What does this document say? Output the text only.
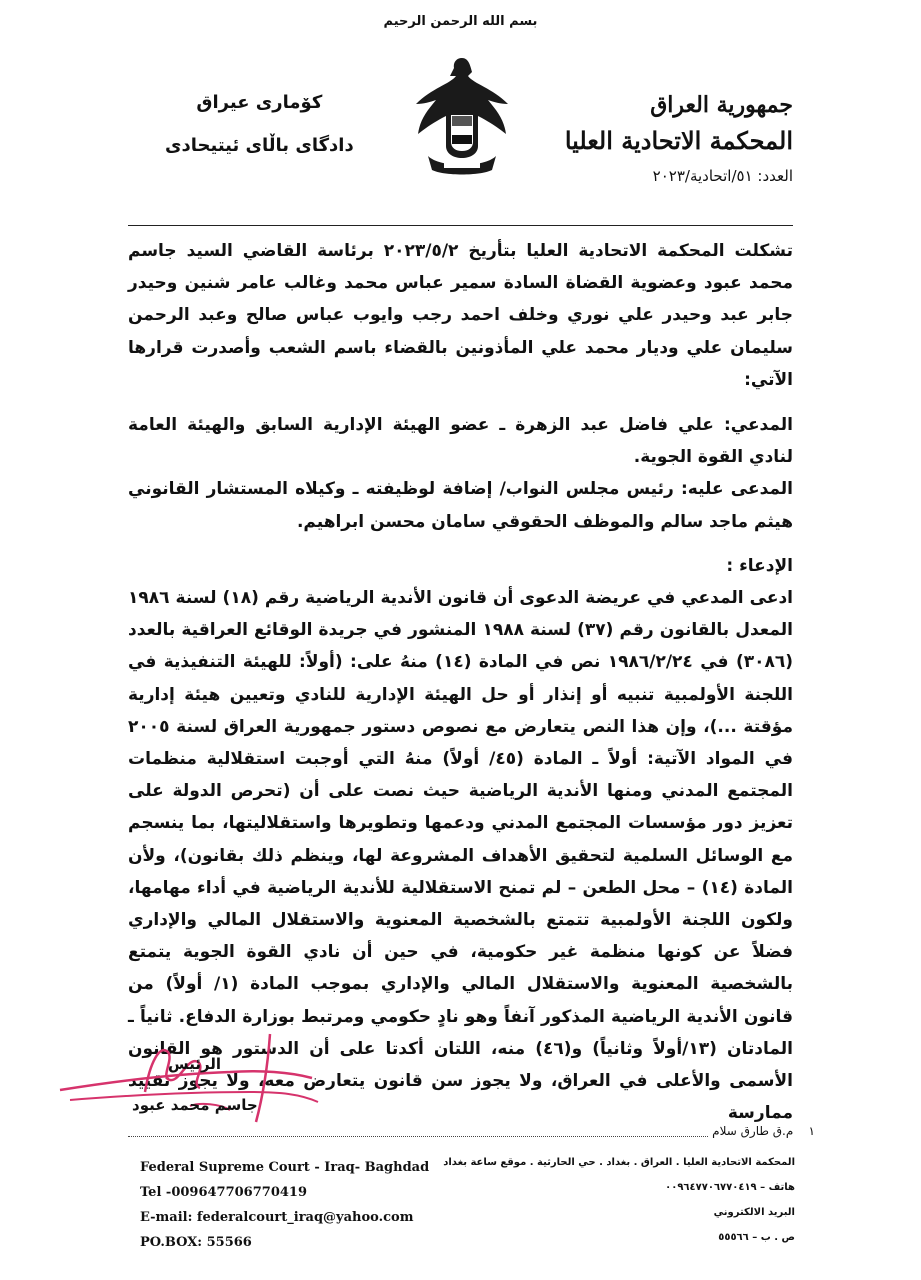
بسم الله الرحمن الرحيم
جمهورية العراق
المحكمة الاتحادية العليا
العدد: ٥١/اتحادية/٢٠٢٣
كۆمارى عيراق
دادگاى باڵاى ئيتيحادى

تشكلت المحكمة الاتحادية العليا بتأريخ ٢٠٢٣/٥/٢ برئاسة القاضي السيد جاسم محمد عبود وعضوية القضاة السادة سمير عباس محمد وغالب عامر شنين وحيدر جابر عبد وحيدر علي نوري وخلف احمد رجب وايوب عباس صالح وعبد الرحمن سليمان علي وديار محمد علي المأذونين بالقضاء باسم الشعب وأصدرت قرارها الآتي:

المدعي: علي فاضل عبد الزهرة ـ عضو الهيئة الإدارية السابق والهيئة العامة لنادي القوة الجوية.

المدعى عليه: رئيس مجلس النواب/ إضافة لوظيفته ـ وكيلاه المستشار القانوني هيثم ماجد سالم والموظف الحقوقي سامان محسن ابراهيم.

الإدعاء :

ادعى المدعي في عريضة الدعوى أن قانون الأندية الرياضية رقم (١٨) لسنة ١٩٨٦ المعدل بالقانون رقم (٣٧) لسنة ١٩٨٨ المنشور في جريدة الوقائع العراقية بالعدد (٣٠٨٦) في ١٩٨٦/٢/٢٤ نص في المادة (١٤) منهُ على: (أولاً: للهيئة التنفيذية في اللجنة الأولمبية تنبيه أو إنذار أو حل الهيئة الإدارية للنادي وتعيين هيئة إدارية مؤقتة ...)، وإن هذا النص يتعارض مع نصوص دستور جمهورية العراق لسنة ٢٠٠٥ في المواد الآتية: أولاً ـ المادة (٤٥/ أولاً) منهُ التي أوجبت استقلالية منظمات المجتمع المدني ومنها الأندية الرياضية حيث نصت على أن (تحرص الدولة على تعزيز دور مؤسسات المجتمع المدني ودعمها وتطويرها واستقلاليتها، بما ينسجم مع الوسائل السلمية لتحقيق الأهداف المشروعة لها، وينظم ذلك بقانون)، ولأن المادة (١٤) – محل الطعن – لم تمنح الاستقلالية للأندية الرياضية في أداء مهامها، ولكون اللجنة الأولمبية تتمتع بالشخصية المعنوية والاستقلال المالي والإداري فضلاً عن كونها منظمة غير حكومية، في حين أن نادي القوة الجوية يتمتع بالشخصية المعنوية والاستقلال المالي والإداري بموجب المادة (١/ أولاً) من قانون الأندية الرياضية المذكور آنفاً وهو نادٍ حكومي ومرتبط بوزارة الدفاع. ثانياً ـ المادتان (١٣/أولاً وثانياً) و(٤٦) منه، اللتان أكدتا على أن الدستور هو القانون الأسمى والأعلى في العراق، ولا يجوز سن قانون يتعارض معه، ولا يجوز تقييد ممارسة

الرئيس
جاسم محمد عبود
١    م.ق طارق سلام
Federal Supreme Court - Iraq- Baghdad
Tel -009647706770419
E-mail: federalcourt_iraq@yahoo.com
PO.BOX: 55566
المحكمة الاتحادية العليا . العراق . بغداد . حي الحارثية . موقع ساعة بغداد
هاتف – ٠٠٩٦٤٧٧٠٦٧٧٠٤١٩
البريد الالكتروني
ص . ب – ٥٥٥٦٦
